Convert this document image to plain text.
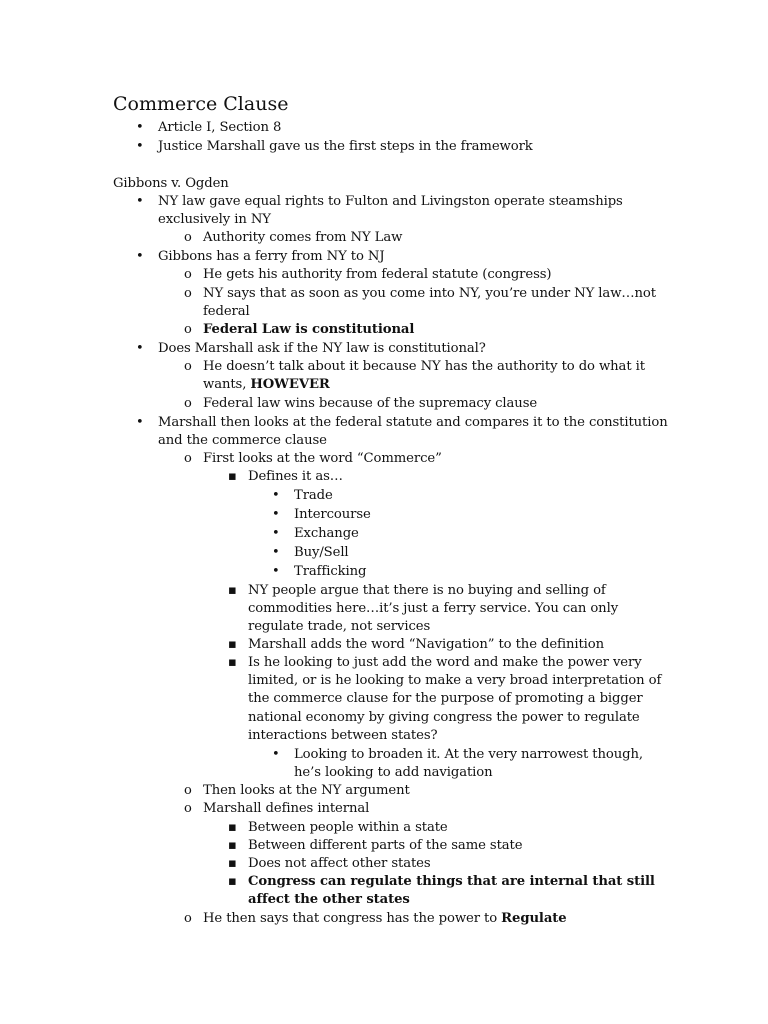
Commerce Clause
• Article I, Section 8
• Justice Marshall gave us the first steps in the framework
Gibbons v. Ogden
• NY law gave equal rights to Fulton and Livingston operate steamships
exclusively in NY
o Authority comes from NY Law
• Gibbons has a ferry from NY to NJ
o He gets his authority from federal statute (congress)
o NY says that as soon as you come into NY, you’re under NY law…not
federal
o Federal Law is constitutional
• Does Marshall ask if the NY law is constitutional?
o He doesn’t talk about it because NY has the authority to do what it
wants, HOWEVER
o Federal law wins because of the supremacy clause
• Marshall then looks at the federal statute and compares it to the constitution
and the commerce clause
o First looks at the word “Commerce”
▪ Defines it as…
• Trade
• Intercourse
• Exchange
• Buy/Sell
• Trafficking
▪ NY people argue that there is no buying and selling of
commodities here…it’s just a ferry service. You can only
regulate trade, not services
▪ Marshall adds the word “Navigation” to the definition
▪ Is he looking to just add the word and make the power very
limited, or is he looking to make a very broad interpretation of
the commerce clause for the purpose of promoting a bigger
national economy by giving congress the power to regulate
interactions between states?
• Looking to broaden it. At the very narrowest though,
he’s looking to add navigation
o Then looks at the NY argument
o Marshall defines internal
▪ Between people within a state
▪ Between different parts of the same state
▪ Does not affect other states
▪ Congress can regulate things that are internal that still
affect the other states
o He then says that congress has the power to Regulate
